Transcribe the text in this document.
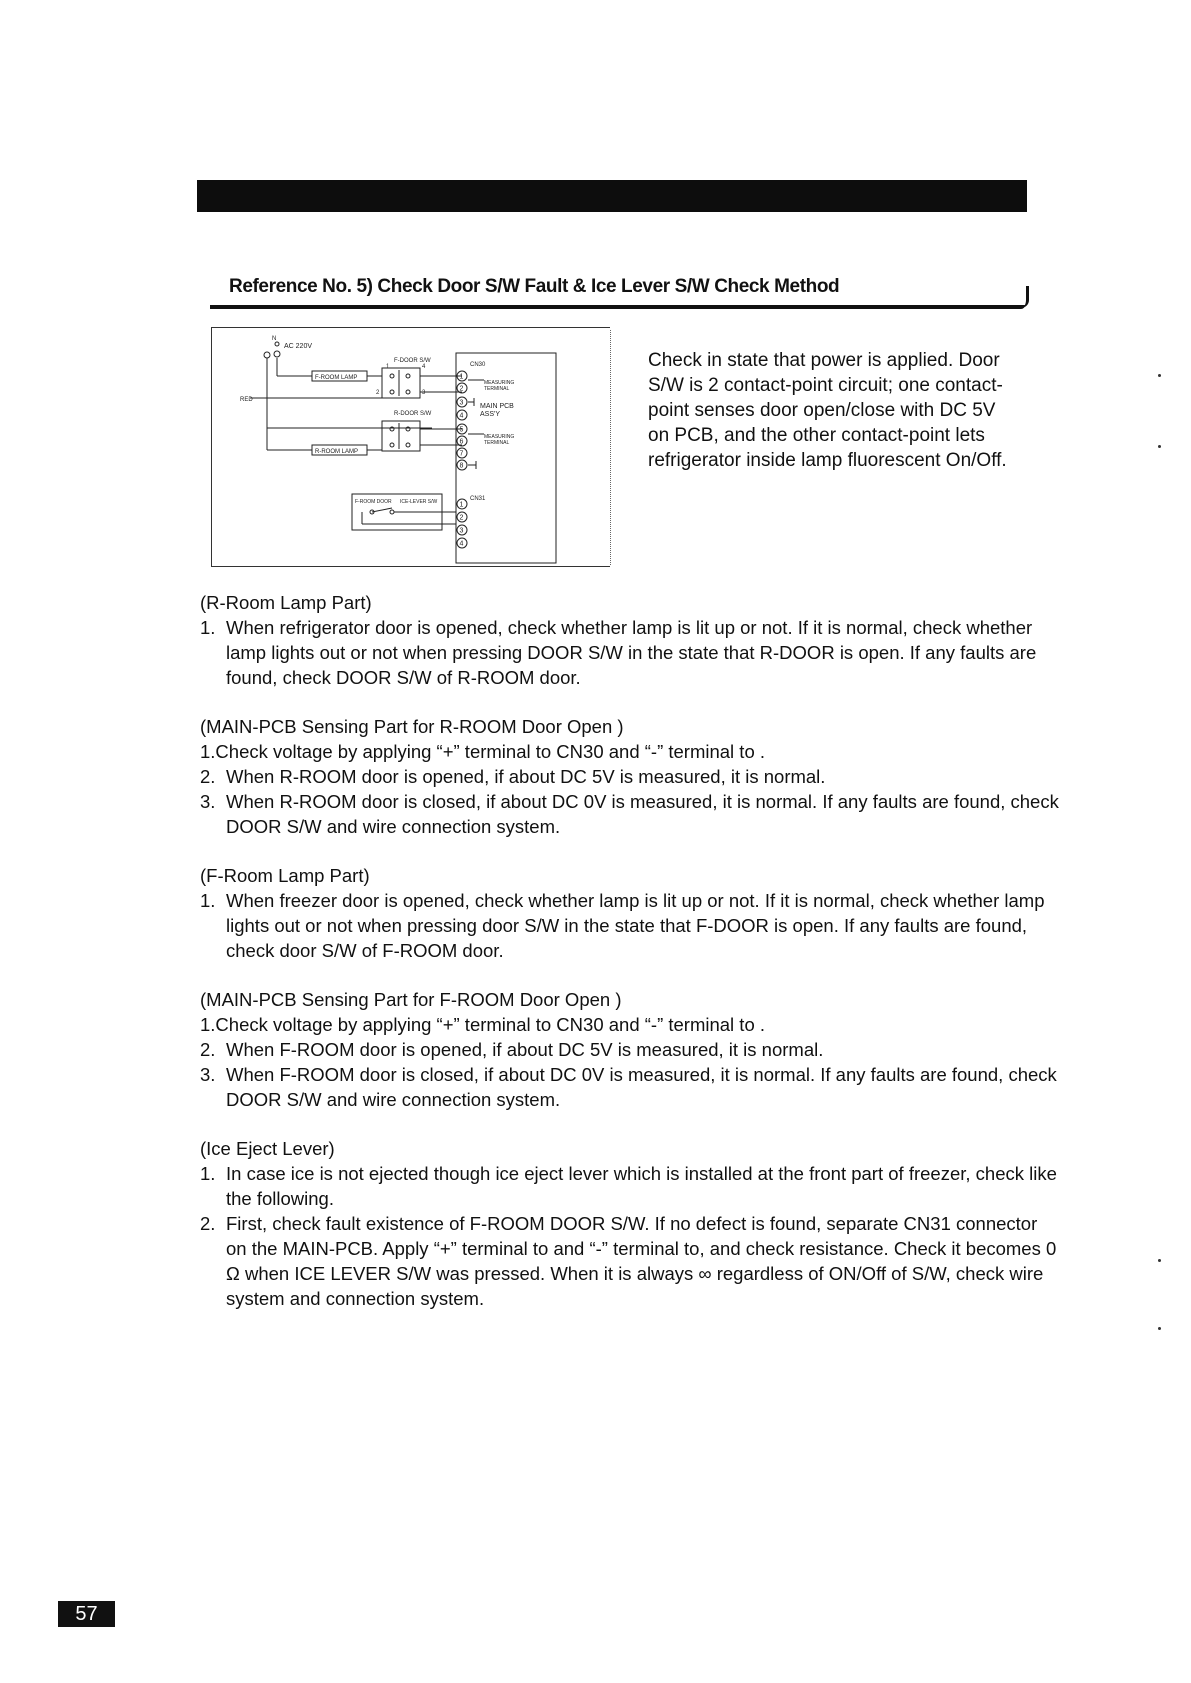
Reference No. 5) Check Door S/W Fault & Ice Lever S/W Check Method
N
AC 220V
RED
F-ROOM LAMP
F-DOOR S/W
1
2	3
4
R-DOOR S/W
R-ROOM LAMP
CN30
MAIN PCB
ASS'Y
MEASURING
TERMINAL
MEASURING
TERMINAL
1
2
3
4
5
6
7
8
CN31
1
2
3
4
F-ROOM DOOR ICE-LEVER S/W
Check in state that power is applied. Door S/W is 2 contact-point circuit; one contact-point senses door open/close with DC 5V on PCB, and the other contact-point lets refrigerator inside lamp fluorescent On/Off.

(R-Room Lamp Part)

1. When refrigerator door is opened, check whether lamp is lit up or not. If it is normal, check whether lamp lights out or not when pressing DOOR S/W in the state that R-DOOR is open. If any faults are found, check DOOR S/W of R-ROOM door.

(MAIN-PCB Sensing Part for R-ROOM Door Open )

1.Check voltage by applying “+” terminal to CN30 and “-” terminal to .

2. When R-ROOM door is opened, if about DC 5V is measured, it is normal.

3. When R-ROOM door is closed, if about DC 0V is measured, it is normal. If any faults are found, check DOOR S/W and wire connection system.

(F-Room Lamp Part)

1. When freezer door is opened, check whether lamp is lit up or not. If it is normal, check whether lamp lights out or not when pressing door S/W in the state that F-DOOR is open. If any faults are found, check door S/W of F-ROOM door.

(MAIN-PCB Sensing Part for F-ROOM Door Open )

1.Check voltage by applying “+” terminal to CN30 and “-” terminal to .

2. When F-ROOM door is opened, if about DC 5V is measured, it is normal.

3. When F-ROOM door is closed, if about DC 0V is measured, it is normal. If any faults are found, check DOOR S/W and wire connection system.

(Ice Eject Lever)

1. In case ice is not ejected though ice eject lever which is installed at the front part of freezer, check like the following.

2. First, check fault existence of F-ROOM DOOR S/W. If no defect is found, separate CN31 connector on the MAIN-PCB. Apply “+” terminal to and “-” terminal to, and check resistance. Check it becomes 0 Ω when ICE LEVER S/W was pressed. When it is always ∞ regardless of ON/Off of S/W, check wire system and connection system.

57
